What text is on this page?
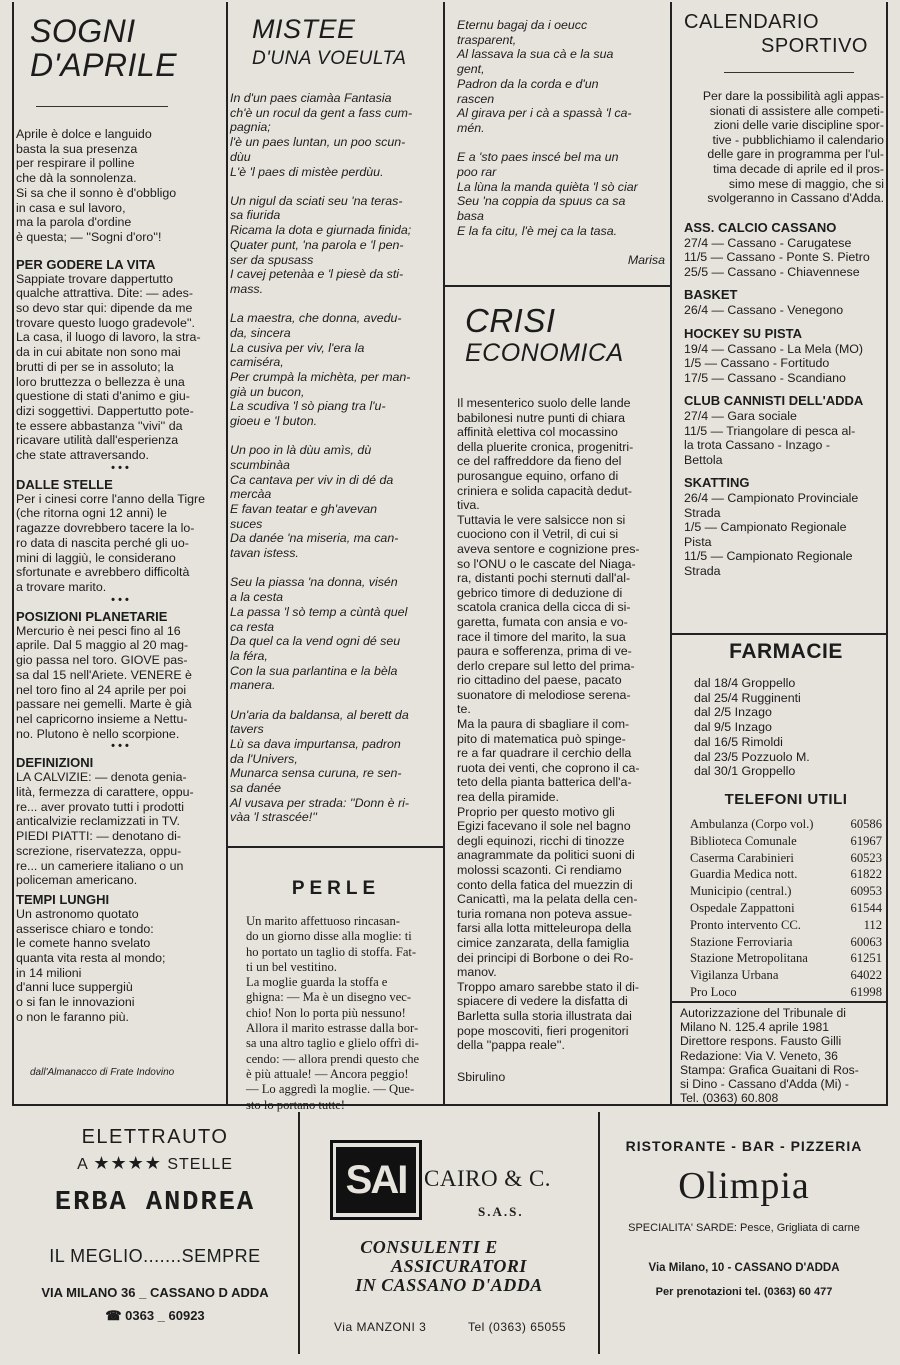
SOGNI
D'APRILE
Aprile è dolce e languido
basta la sua presenza
per respirare il polline
che dà la sonnolenza.
Si sa che il sonno è d'obbligo
in casa e sul lavoro,
ma la parola d'ordine
è questa; — ''Sogni d'oro''!
PER GODERE LA VITA
Sappiate trovare dappertutto
qualche attrattiva. Dite: — ades-
so devo star qui: dipende da me
trovare questo luogo gradevole''.
La casa, il luogo di lavoro, la stra-
da in cui abitate non sono mai
brutti di per se in assoluto; la
loro bruttezza o bellezza è una
questione di stati d'animo e giu-
dizi soggettivi. Dappertutto pote-
te essere abbastanza ''vivi'' da
ricavare utilità dall'esperienza
che state attraversando.
• • •
DALLE STELLE
Per i cinesi corre l'anno della Tigre
(che ritorna ogni 12 anni) le
ragazze dovrebbero tacere la lo-
ro data di nascita perché gli uo-
mini di laggiù, le considerano
sfortunate e avrebbero difficoltà
a trovare marito.
• • •
POSIZIONI PLANETARIE
Mercurio è nei pesci fino al 16
aprile. Dal 5 maggio al 20 mag-
gio passa nel toro. GIOVE pas-
sa dal 15 nell'Ariete. VENERE è
nel toro fino al 24 aprile per poi
passare nei gemelli. Marte è già
nel capricorno insieme a Nettu-
no. Plutono è nello scorpione.
• • •
DEFINIZIONI
LA CALVIZIE: — denota genia-
lità, fermezza di carattere, oppu-
re... aver provato tutti i prodotti
anticalvizie reclamizzati in TV.
PIEDI PIATTI: — denotano di-
screzione, riservatezza, oppu-
re... un cameriere italiano o un
policeman americano.
TEMPI LUNGHI
Un astronomo quotato
asserisce chiaro e tondo:
le comete hanno svelato
quanta vita resta al mondo;
in 14 milioni
d'anni luce suppergiù
o si fan le innovazioni
o non le faranno più.
dall'Almanacco di Frate Indovino
MISTEE
D'UNA VOEULTA
In d'un paes ciamàa Fantasia
ch'è un rocul da gent a fass cum-
pagnia;
l'è un paes luntan, un poo scun-
dùu
L'è 'l paes di mistèe perdùu.
Un nigul da sciati seu 'na teras-
sa fiurida
Ricama la dota e giurnada finida;
Quater punt, 'na parola e 'l pen-
ser da spusass
I cavej petenàa e 'l piesè da sti-
mass.
La maestra, che donna, avedu-
da, sincera
La cusiva per viv, l'era la
camiséra,
Per crumpà la michèta, per man-
già un bucon,
La scudiva 'l sò piang tra l'u-
gioeu e 'l buton.
Un poo in là dùu amìs, dù
scumbinàa
Ca cantava per viv in di dé da
mercàa
E favan teatar e gh'avevan
suces
Da danée 'na miseria, ma can-
tavan istess.
Seu la piassa 'na donna, visén
a la cesta
La passa 'l sò temp a cùntà quel
ca resta
Da quel ca la vend ogni dé seu
la féra,
Con la sua parlantina e la bèla
manera.
Un'aria da baldansa, al berett da
tavers
Lù sa dava impurtansa, padron
da l'Univers,
Munarca sensa curuna, re sen-
sa danée
Al vusava per strada: ''Donn è ri-
vàa 'l strascée!''
PERLE
Un marito affettuoso rincasan-
do un giorno disse alla moglie: ti
ho portato un taglio di stoffa. Fat-
ti un bel vestitino.
La moglie guarda la stoffa e
ghigna: — Ma è un disegno vec-
chio! Non lo porta più nessuno!
Allora il marito estrasse dalla bor-
sa una altro taglio e glielo offrì di-
cendo: — allora prendi questo che
è più attuale! — Ancora peggio!
— Lo aggredì la moglie. — Que-
sto lo portano tutte!
Eternu bagaj da i oeucc
trasparent,
Al lassava la sua cà e la sua
gent,
Padron da la corda e d'un
rascen
Al girava per i cà a spassà 'l ca-
mén.
E a 'sto paes inscé bel ma un
poo rar
La lùna la manda quièta 'l sò ciar
Seu 'na coppia da spuus ca sa
basa
E la fa citu, l'è mej ca la tasa.
Marisa
CRISI
ECONOMICA
Il mesenterico suolo delle lande
babilonesi nutre punti di chiara
affinità elettiva col mocassino
della pluerite cronica, progenitri-
ce del raffreddore da fieno del
purosangue equino, orfano di
criniera e solida capacità dedut-
tiva.
Tuttavia le vere salsicce non si
cuociono con il Vetril, di cui si
aveva sentore e cognizione pres-
so l'ONU o le cascate del Niaga-
ra, distanti pochi sternuti dall'al-
gebrico timore di deduzione di
scatola cranica della cicca di si-
garetta, fumata con ansia e vo-
race il timore del marito, la sua
paura e sofferenza, prima di ve-
derlo crepare sul letto del prima-
rio cittadino del paese, pacato
suonatore di melodiose serena-
te.
Ma la paura di sbagliare il com-
pito di matematica può spinge-
re a far quadrare il cerchio della
ruota dei venti, che coprono il ca-
teto della pianta batterica dell'a-
rea della piramide.
Proprio per questo motivo gli
Egizi facevano il sole nel bagno
degli equinozi, ricchi di tinozze
anagrammate da politici suoni di
molossi scazonti. Ci rendiamo
conto della fatica del muezzin di
Canicattì, ma la pelata della cen-
turia romana non poteva assue-
farsi alla lotta mitteleuropa della
cimice zanzarata, della famiglia
dei principi di Borbone o dei Ro-
manov.
Troppo amaro sarebbe stato il di-
spiacere di vedere la disfatta di
Barletta sulla storia illustrata dai
pope moscoviti, fieri progenitori
della ''pappa reale''.
Sbirulino
CALENDARIO
SPORTIVO
Per dare la possibilità agli appas-
sionati di assistere alle competi-
zioni delle varie discipline spor-
tive - pubblichiamo il calendario
delle gare in programma per l'ul-
tima decade di aprile ed il pros-
simo mese di maggio, che si
svolgeranno in Cassano d'Adda.
ASS. CALCIO CASSANO
27/4 — Cassano - Carugatese
11/5 — Cassano - Ponte S. Pietro
25/5 — Cassano - Chiavennese
BASKET
26/4 — Cassano - Venegono
HOCKEY SU PISTA
19/4 — Cassano - La Mela (MO)
1/5 — Cassano - Fortitudo
17/5 — Cassano - Scandiano
CLUB CANNISTI DELL'ADDA
27/4 — Gara sociale
11/5 — Triangolare di pesca al-
la trota Cassano - Inzago -
Bettola
SKATTING
26/4 — Campionato Provinciale
Strada
1/5 — Campionato Regionale
Pista
11/5 — Campionato Regionale
Strada
FARMACIE
dal 18/4 Groppello
dal 25/4 Rugginenti
dal 2/5 Inzago
dal 9/5 Inzago
dal 16/5 Rimoldi
dal 23/5 Pozzuolo M.
dal 30/1 Groppello
TELEFONI UTILI
Ambulanza (Corpo vol.)	60586
Biblioteca Comunale	61967
Caserma Carabinieri	60523
Guardia Medica nott.	61822
Municipio (central.)	60953
Ospedale Zappattoni	61544
Pronto intervento CC.	112
Stazione Ferroviaria	60063
Stazione Metropolitana	61251
Vigilanza Urbana	64022
Pro Loco	61998
Autorizzazione del Tribunale di
Milano N. 125.4 aprile 1981
Direttore respons. Fausto Gilli
Redazione: Via V. Veneto, 36
Stampa: Grafica Guaitani di Ros-
si Dino - Cassano d'Adda (Mi) -
Tel. (0363) 60.808
ELETTRAUTO
A ★★★★ STELLE
ERBA ANDREA
IL MEGLIO.......SEMPRE
VIA MILANO 36 _ CASSANO D ADDA
☎ 0363 _ 60923
SAI CAIRO & C.
S.A.S.
CONSULENTI E
ASSICURATORI
IN CASSANO D'ADDA
Via MANZONI 3	Tel (0363) 65055
RISTORANTE - BAR - PIZZERIA
Olimpia
SPECIALITA' SARDE: Pesce, Grigliata di carne
Via Milano, 10 - CASSANO D'ADDA
Per prenotazioni tel. (0363) 60 477
